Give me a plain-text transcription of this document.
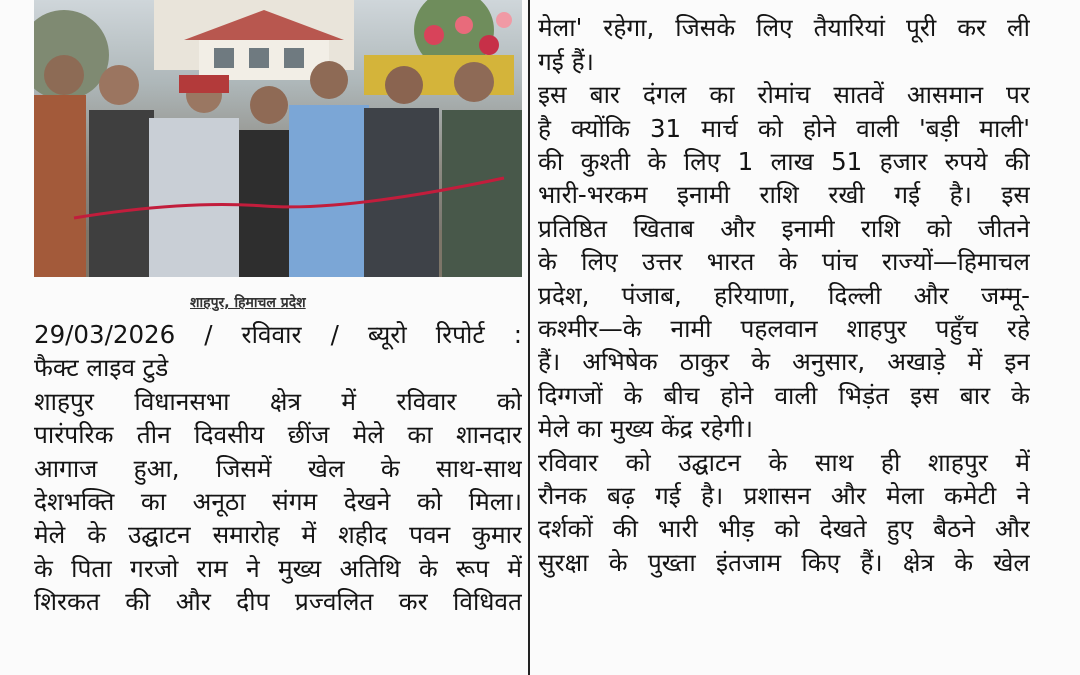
शाहपुर, हिमाचल प्रदेश
29/03/2026 / रविवार / ब्यूरो रिपोर्ट :
फैक्ट लाइव टुडे
शाहपुर विधानसभा क्षेत्र में रविवार को
पारंपरिक तीन दिवसीय छींज मेले का शानदार
आगाज हुआ, जिसमें खेल के साथ-साथ
देशभक्ति का अनूठा संगम देखने को मिला।
मेले के उद्घाटन समारोह में शहीद पवन कुमार
के पिता गरजो राम ने मुख्य अतिथि के रूप में
शिरकत की और दीप प्रज्वलित कर विधिवत
मेला' रहेगा, जिसके लिए तैयारियां पूरी कर ली
गई हैं।
इस बार दंगल का रोमांच सातवें आसमान पर
है क्योंकि 31 मार्च को होने वाली 'बड़ी माली'
की कुश्ती के लिए 1 लाख 51 हजार रुपये की
भारी-भरकम इनामी राशि रखी गई है। इस
प्रतिष्ठित खिताब और इनामी राशि को जीतने
के लिए उत्तर भारत के पांच राज्यों—हिमाचल
प्रदेश, पंजाब, हरियाणा, दिल्ली और जम्मू-
कश्मीर—के नामी पहलवान शाहपुर पहुँच रहे
हैं। अभिषेक ठाकुर के अनुसार, अखाड़े में इन
दिग्गजों के बीच होने वाली भिड़ंत इस बार के
मेले का मुख्य केंद्र रहेगी।
रविवार को उद्घाटन के साथ ही शाहपुर में
रौनक बढ़ गई है। प्रशासन और मेला कमेटी ने
दर्शकों की भारी भीड़ को देखते हुए बैठने और
सुरक्षा के पुख्ता इंतजाम किए हैं। क्षेत्र के खेल
